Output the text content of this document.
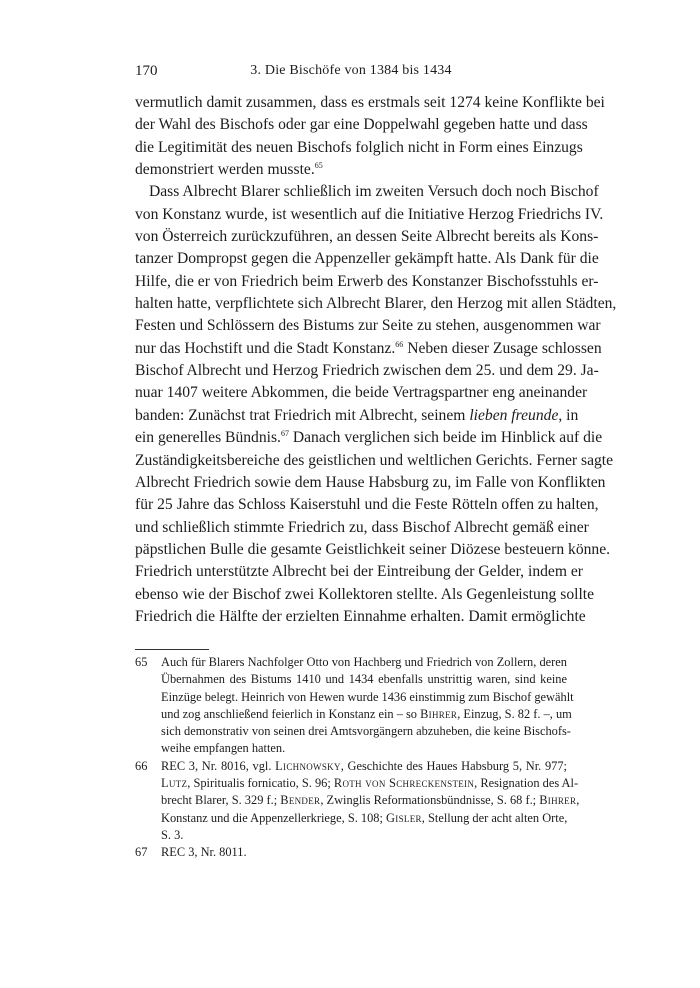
170	3. Die Bischöfe von 1384 bis 1434
vermutlich damit zusammen, dass es erstmals seit 1274 keine Konflikte bei
der Wahl des Bischofs oder gar eine Doppelwahl gegeben hatte und dass
die Legitimität des neuen Bischofs folglich nicht in Form eines Einzugs
demonstriert werden musste.$^{65}$
Dass Albrecht Blarer schließlich im zweiten Versuch doch noch Bischof
von Konstanz wurde, ist wesentlich auf die Initiative Herzog Friedrichs IV.
von Österreich zurückzuführen, an dessen Seite Albrecht bereits als Kons-
tanzer Dompropst gegen die Appenzeller gekämpft hatte. Als Dank für die
Hilfe, die er von Friedrich beim Erwerb des Konstanzer Bischofsstuhls er-
halten hatte, verpflichtete sich Albrecht Blarer, den Herzog mit allen Städten,
Festen und Schlössern des Bistums zur Seite zu stehen, ausgenommen war
nur das Hochstift und die Stadt Konstanz.$^{66}$ Neben dieser Zusage schlossen
Bischof Albrecht und Herzog Friedrich zwischen dem 25. und dem 29. Ja-
nuar 1407 weitere Abkommen, die beide Vertragspartner eng aneinander
banden: Zunächst trat Friedrich mit Albrecht, seinem lieben freunde, in
ein generelles Bündnis.$^{67}$ Danach verglichen sich beide im Hinblick auf die
Zuständigkeitsbereiche des geistlichen und weltlichen Gerichts. Ferner sagte
Albrecht Friedrich sowie dem Hause Habsburg zu, im Falle von Konflikten
für 25 Jahre das Schloss Kaiserstuhl und die Feste Rötteln offen zu halten,
und schließlich stimmte Friedrich zu, dass Bischof Albrecht gemäß einer
päpstlichen Bulle die gesamte Geistlichkeit seiner Diözese besteuern könne.
Friedrich unterstützte Albrecht bei der Eintreibung der Gelder, indem er
ebenso wie der Bischof zwei Kollektoren stellte. Als Gegenleistung sollte
Friedrich die Hälfte der erzielten Einnahme erhalten. Damit ermöglichte
65 Auch für Blarers Nachfolger Otto von Hachberg und Friedrich von Zollern, deren
Übernahmen des Bistums 1410 und 1434 ebenfalls unstrittig waren, sind keine
Einzüge belegt. Heinrich von Hewen wurde 1436 einstimmig zum Bischof gewählt
und zog anschließend feierlich in Konstanz ein – so Bihrer, Einzug, S. 82 f. –, um
sich demonstrativ von seinen drei Amtsvorgängern abzuheben, die keine Bischofs-
weihe empfangen hatten.
66 REC 3, Nr. 8016, vgl. Lichnowsky, Geschichte des Haues Habsburg 5, Nr. 977;
Lutz, Spiritualis fornicatio, S. 96; Roth von Schreckenstein, Resignation des Al-
brecht Blarer, S. 329 f.; Bender, Zwinglis Reformationsbündnisse, S. 68 f.; Bihrer,
Konstanz und die Appenzellerkriege, S. 108; Gisler, Stellung der acht alten Orte,
S. 3.
67 REC 3, Nr. 8011.
